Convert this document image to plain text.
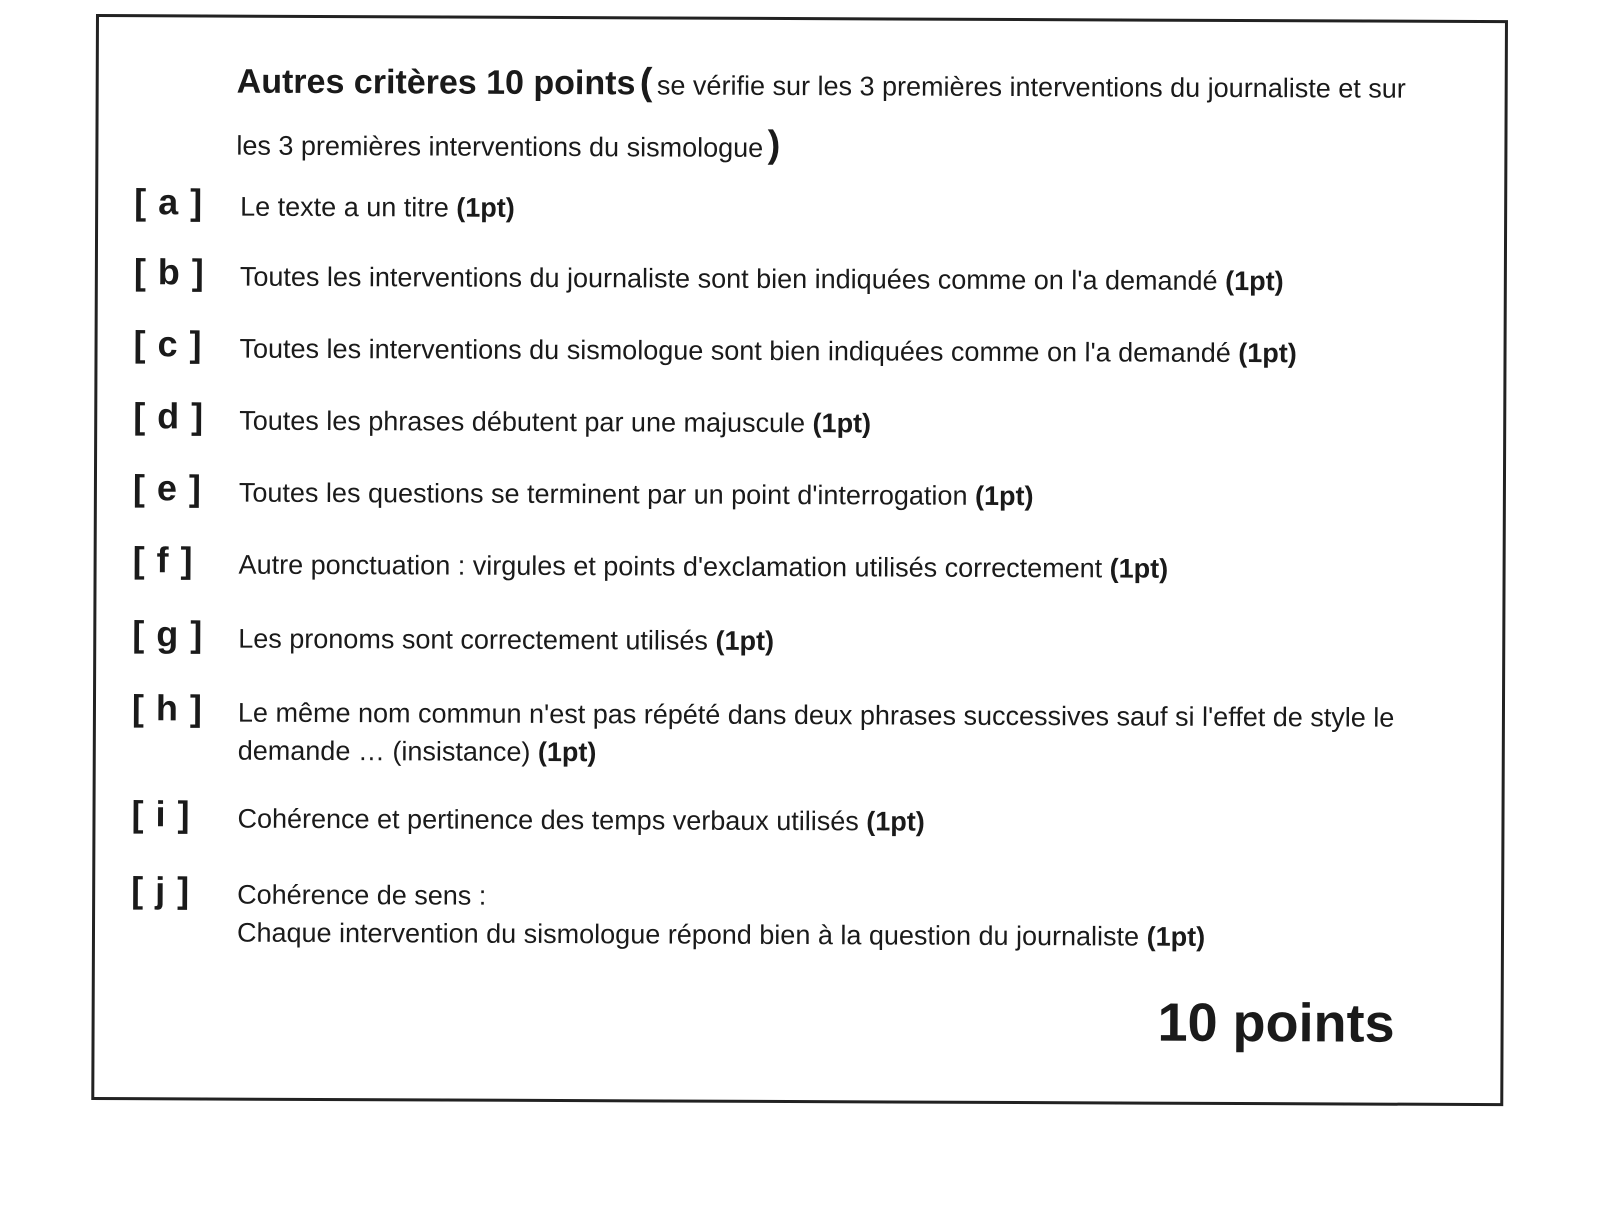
Autres critères 10 points ( se vérifie sur les 3 premières interventions du journaliste et sur les 3 premières interventions du sismologue )
[ a ] Le texte a un titre (1pt)
[ b ] Toutes les interventions du journaliste sont bien indiquées comme on l'a demandé (1pt)
[ c ] Toutes les interventions du sismologue sont bien indiquées comme on l'a demandé (1pt)
[ d ] Toutes les phrases débutent par une majuscule (1pt)
[ e ] Toutes les questions se terminent par un point d'interrogation (1pt)
[ f ] Autre ponctuation : virgules et points d'exclamation utilisés correctement (1pt)
[ g ] Les pronoms sont correctement utilisés (1pt)
[ h ] Le même nom commun n'est pas répété dans deux phrases successives sauf si l'effet de style le demande … (insistance) (1pt)
[ i ] Cohérence et pertinence des temps verbaux utilisés (1pt)
[ j ] Cohérence de sens :
Chaque intervention du sismologue répond bien à la question du journaliste (1pt)
10 points
